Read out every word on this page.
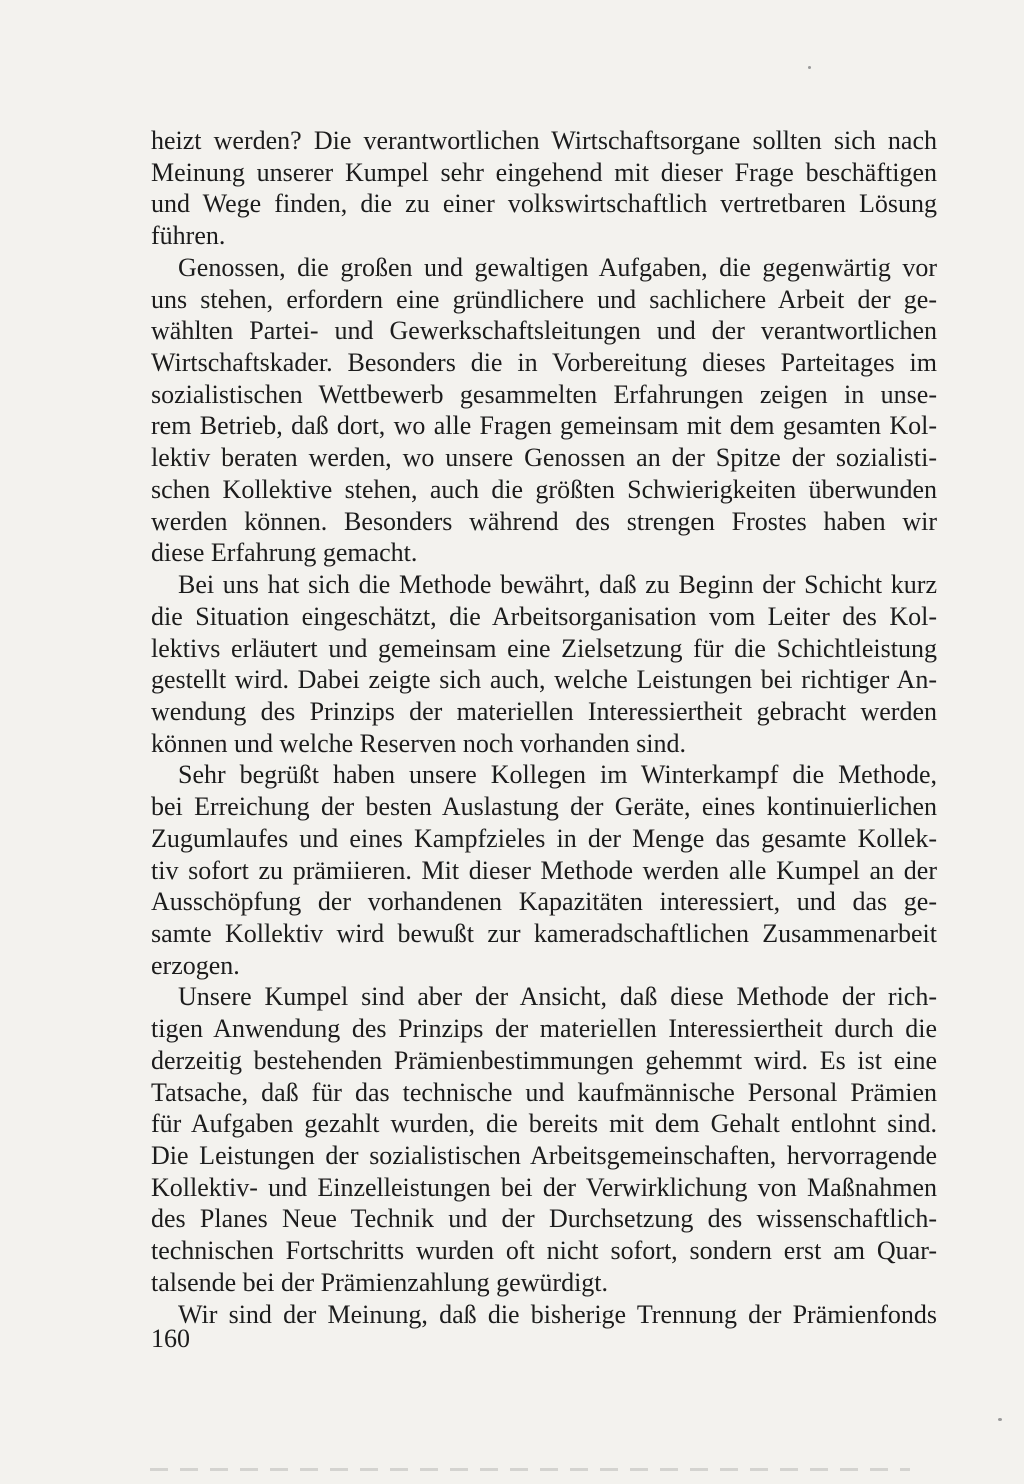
heizt werden? Die verantwortlichen Wirtschaftsorgane sollten sich nach
Meinung unserer Kumpel sehr eingehend mit dieser Frage beschäftigen
und Wege finden, die zu einer volkswirtschaftlich vertretbaren Lösung
führen.
Genossen, die großen und gewaltigen Aufgaben, die gegenwärtig vor
uns stehen, erfordern eine gründlichere und sachlichere Arbeit der ge-
wählten Partei- und Gewerkschaftsleitungen und der verantwortlichen
Wirtschaftskader. Besonders die in Vorbereitung dieses Parteitages im
sozialistischen Wettbewerb gesammelten Erfahrungen zeigen in unse-
rem Betrieb, daß dort, wo alle Fragen gemeinsam mit dem gesamten Kol-
lektiv beraten werden, wo unsere Genossen an der Spitze der sozialisti-
schen Kollektive stehen, auch die größten Schwierigkeiten überwunden
werden können. Besonders während des strengen Frostes haben wir
diese Erfahrung gemacht.
Bei uns hat sich die Methode bewährt, daß zu Beginn der Schicht kurz
die Situation eingeschätzt, die Arbeitsorganisation vom Leiter des Kol-
lektivs erläutert und gemeinsam eine Zielsetzung für die Schichtleistung
gestellt wird. Dabei zeigte sich auch, welche Leistungen bei richtiger An-
wendung des Prinzips der materiellen Interessiertheit gebracht werden
können und welche Reserven noch vorhanden sind.
Sehr begrüßt haben unsere Kollegen im Winterkampf die Methode,
bei Erreichung der besten Auslastung der Geräte, eines kontinuierlichen
Zugumlaufes und eines Kampfzieles in der Menge das gesamte Kollek-
tiv sofort zu prämiieren. Mit dieser Methode werden alle Kumpel an der
Ausschöpfung der vorhandenen Kapazitäten interessiert, und das ge-
samte Kollektiv wird bewußt zur kameradschaftlichen Zusammenarbeit
erzogen.
Unsere Kumpel sind aber der Ansicht, daß diese Methode der rich-
tigen Anwendung des Prinzips der materiellen Interessiertheit durch die
derzeitig bestehenden Prämienbestimmungen gehemmt wird. Es ist eine
Tatsache, daß für das technische und kaufmännische Personal Prämien
für Aufgaben gezahlt wurden, die bereits mit dem Gehalt entlohnt sind.
Die Leistungen der sozialistischen Arbeitsgemeinschaften, hervorragende
Kollektiv- und Einzelleistungen bei der Verwirklichung von Maßnahmen
des Planes Neue Technik und der Durchsetzung des wissenschaftlich-
technischen Fortschritts wurden oft nicht sofort, sondern erst am Quar-
talsende bei der Prämienzahlung gewürdigt.
Wir sind der Meinung, daß die bisherige Trennung der Prämienfonds
160
